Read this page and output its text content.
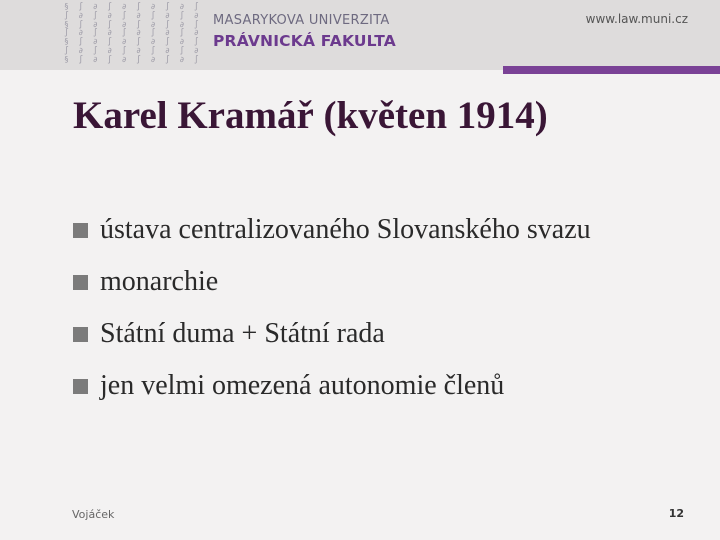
§ ∫ ∂ ∫ ∂ ∫ ∂ ∫ ∂ ∫
∫ ∂ ∫ ∂ ∫ ∂ ∫ ∂ ∫ ∂
§ ∫ ∂ ∫ ∂ ∫ ∂ ∫ ∂ ∫
∫ ∂ ∫ ∂ ∫ ∂ ∫ ∂ ∫ ∂
§ ∫ ∂ ∫ ∂ ∫ ∂ ∫ ∂ ∫
∫ ∂ ∫ ∂ ∫ ∂ ∫ ∂ ∫ ∂
§ ∫ ∂ ∫ ∂ ∫ ∂ ∫ ∂ ∫
MASARYKOVA UNIVERZITA
PRÁVNICKÁ FAKULTA
www.law.muni.cz
Karel Kramář (květen 1914)
ústava centralizovaného Slovanského svazu
monarchie
Státní duma + Státní rada
jen velmi omezená autonomie členů
Vojáček	12
